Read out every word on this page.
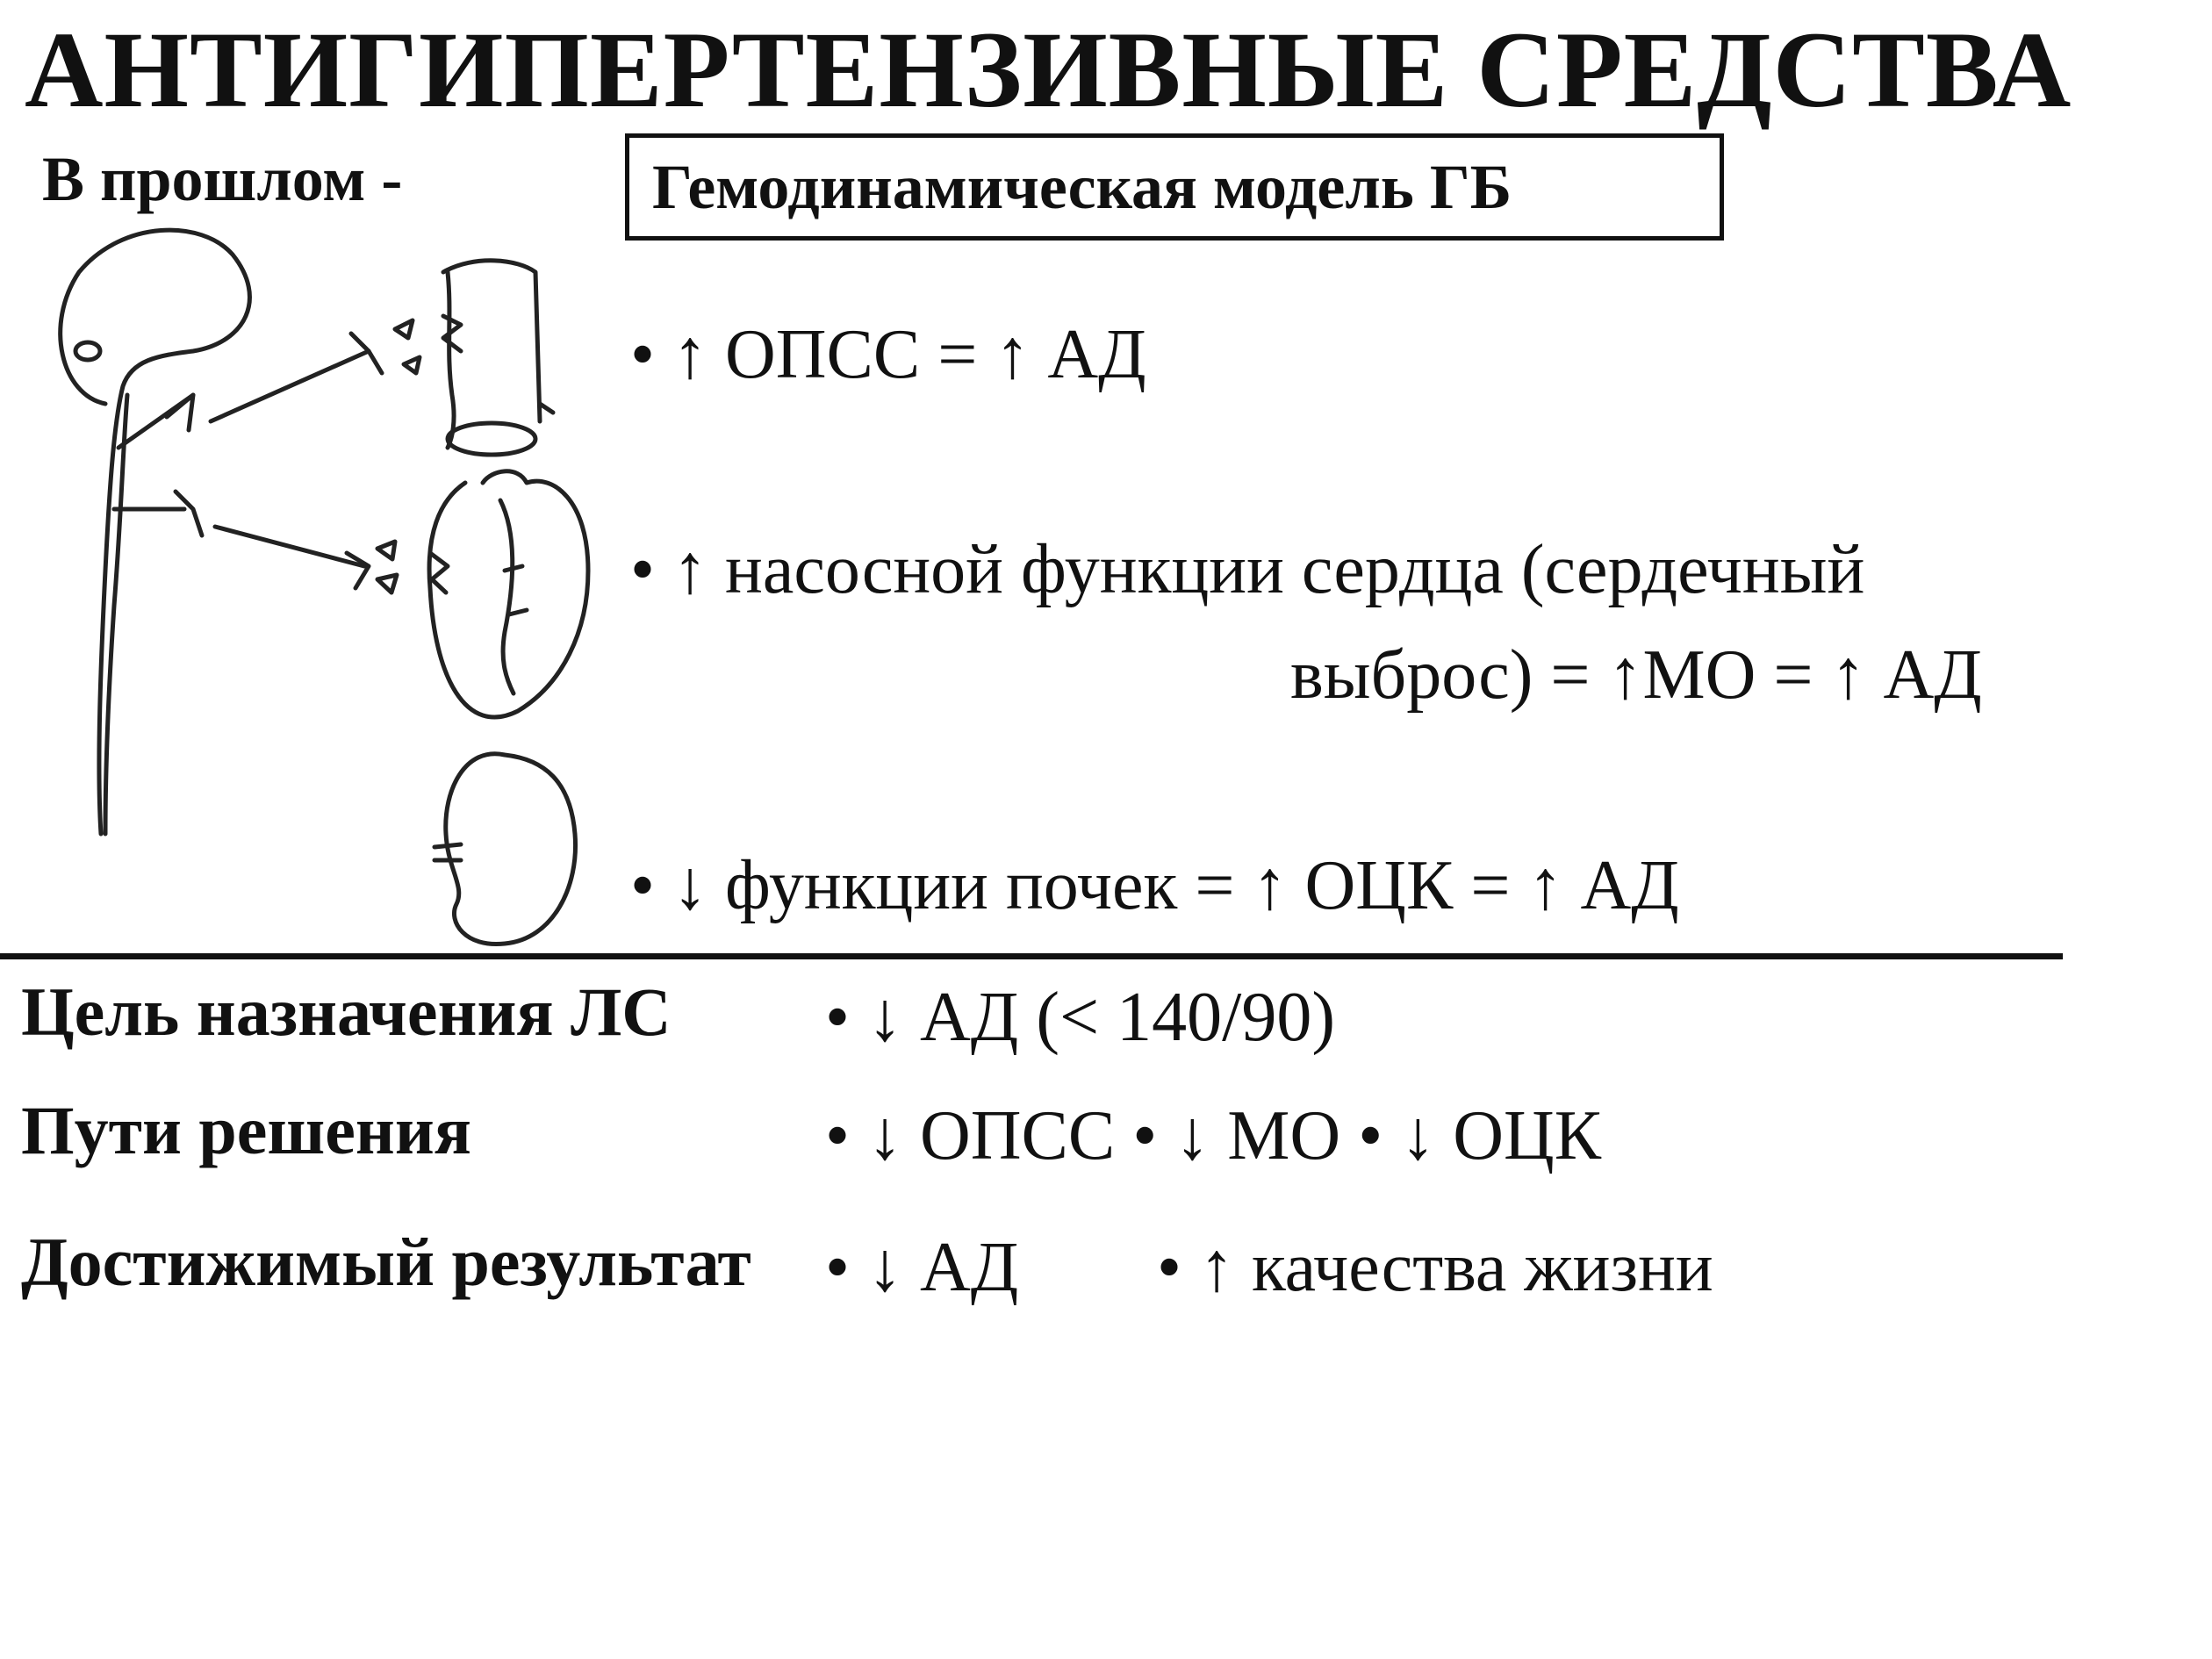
АНТИГИПЕРТЕНЗИВНЫЕ СРЕДСТВА
В прошлом -	Гемодинамическая модель ГБ
• ↑ ОПСС = ↑ АД
• ↑ насосной функции сердца (сердечный
выброс) = ↑МО = ↑ АД
• ↓ функции почек = ↑ ОЦК = ↑ АД
Цель назначения ЛС • ↓ АД (< 140/90)
Пути решения	• ↓ ОПСС • ↓ МО • ↓ ОЦК
Достижимый результат • ↓ АД • ↑ качества жизни
